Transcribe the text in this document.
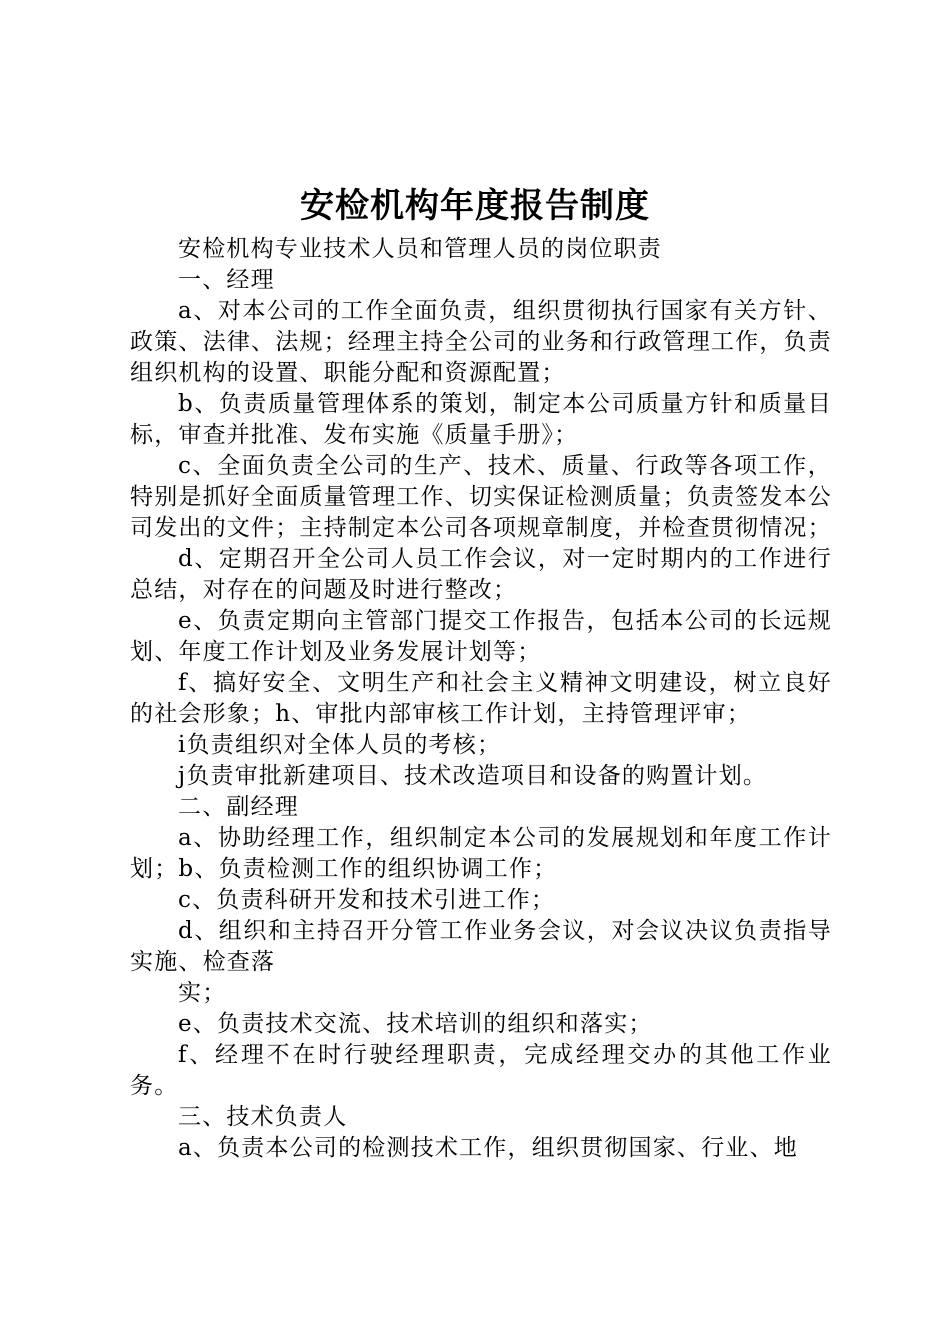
安检机构年度报告制度

安检机构专业技术人员和管理人员的岗位职责

一、经理

a、对本公司的工作全面负责，组织贯彻执行国家有关方针、政策、法律、法规；经理主持全公司的业务和行政管理工作，负责组织机构的设置、职能分配和资源配置；

b、负责质量管理体系的策划，制定本公司质量方针和质量目标，审查并批准、发布实施《质量手册》；

c、全面负责全公司的生产、技术、质量、行政等各项工作，特别是抓好全面质量管理工作、切实保证检测质量；负责签发本公司发出的文件；主持制定本公司各项规章制度，并检查贯彻情况；

d、定期召开全公司人员工作会议，对一定时期内的工作进行总结，对存在的问题及时进行整改；

e、负责定期向主管部门提交工作报告，包括本公司的长远规划、年度工作计划及业务发展计划等；

f、搞好安全、文明生产和社会主义精神文明建设，树立良好的社会形象；h、审批内部审核工作计划，主持管理评审；

i负责组织对全体人员的考核；

j负责审批新建项目、技术改造项目和设备的购置计划。

二、副经理

a、协助经理工作，组织制定本公司的发展规划和年度工作计划；b、负责检测工作的组织协调工作；

c、负责科研开发和技术引进工作；

d、组织和主持召开分管工作业务会议，对会议决议负责指导实施、检查落

实；

e、负责技术交流、技术培训的组织和落实；

f、经理不在时行驶经理职责，完成经理交办的其他工作业务。

三、技术负责人

a、负责本公司的检测技术工作，组织贯彻国家、行业、地
